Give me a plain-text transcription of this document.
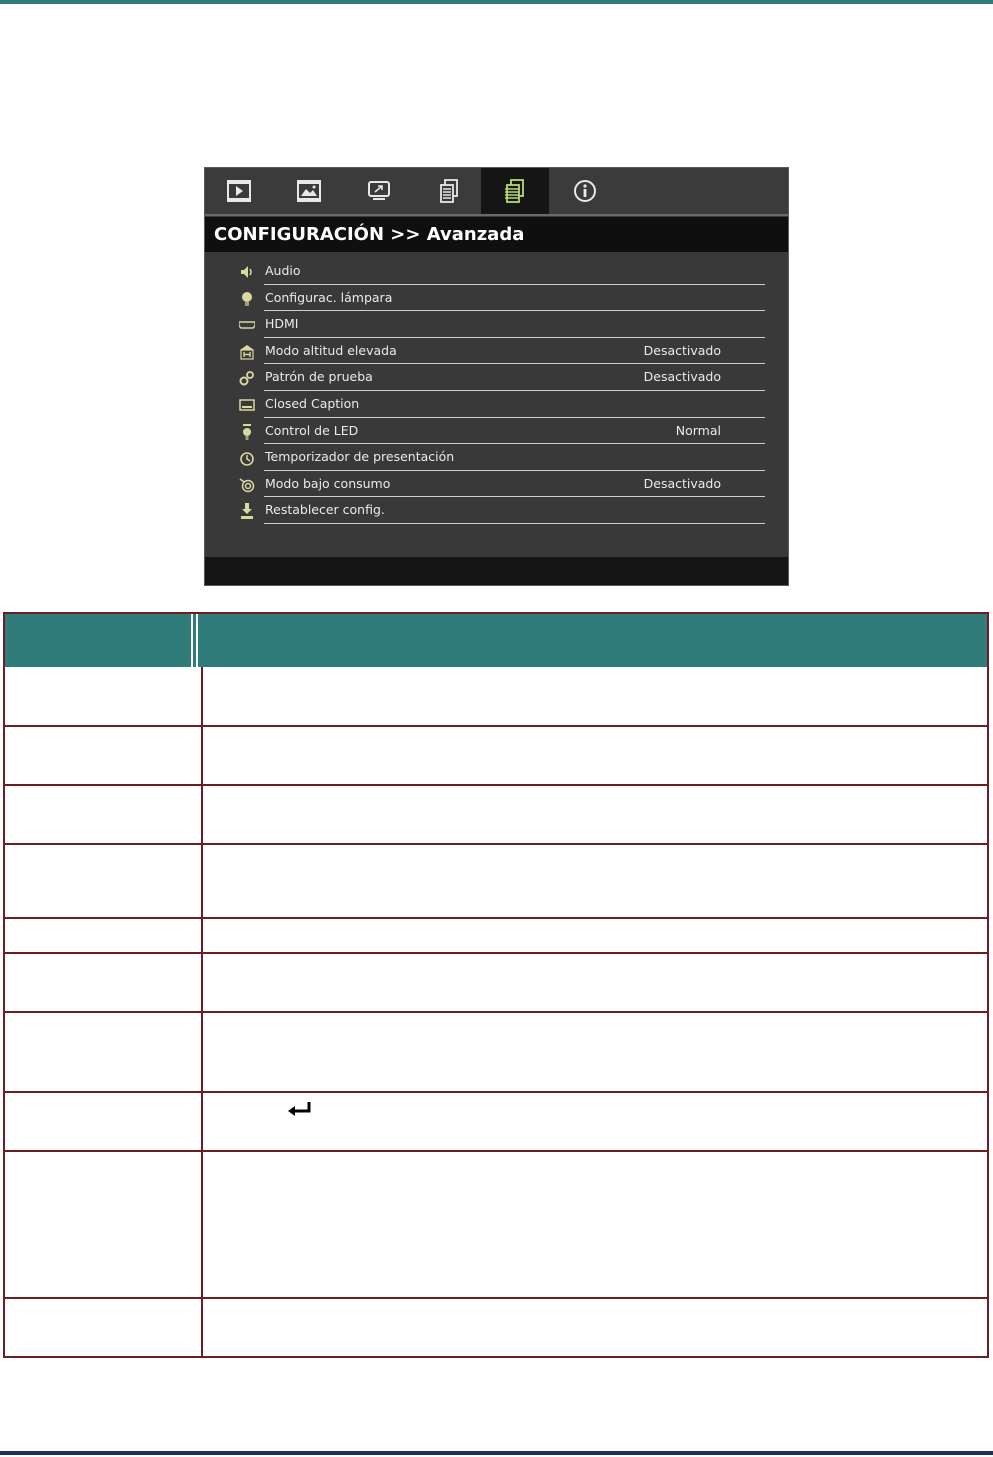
CONFIGURACIÓN >> Avanzada
Audio
Configurac. lámpara
HDMI
Modo altitud elevada	Desactivado
Patrón de prueba	Desactivado
Closed Caption
Control de LED	Normal
Temporizador de presentación
Modo bajo consumo	Desactivado
Restablecer config.
